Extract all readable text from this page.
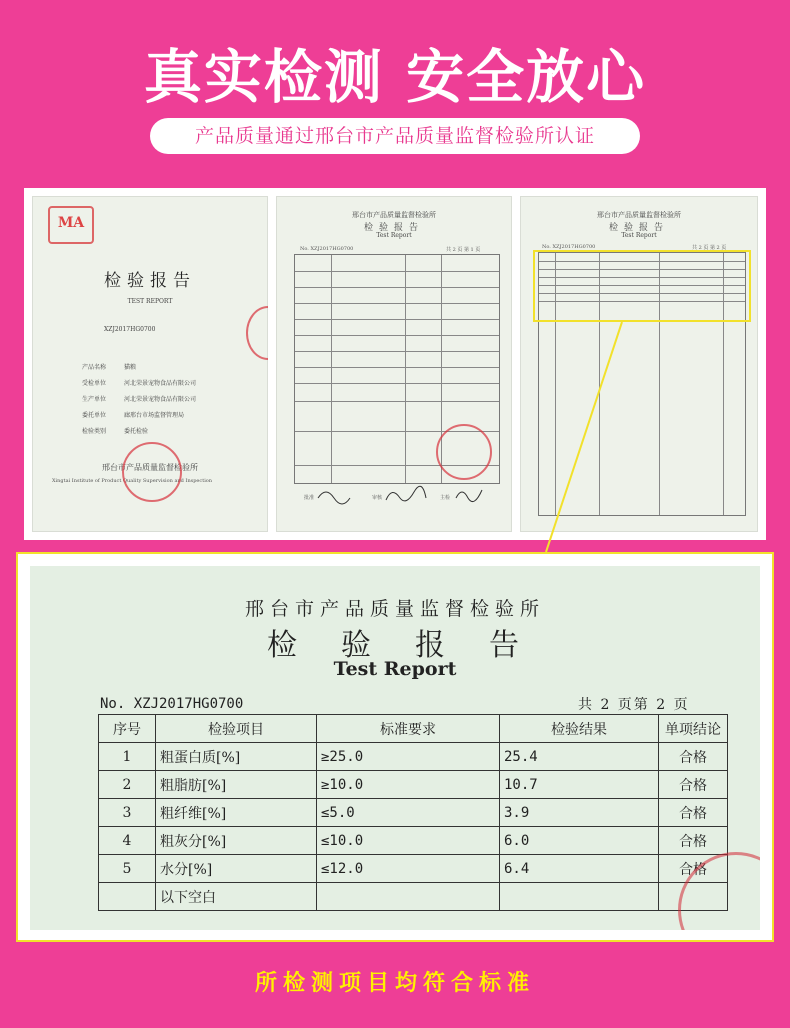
真实检测 安全放心
产品质量通过邢台市产品质量监督检验所认证
MA
检验报告
TEST REPORT
XZJ2017HG0700
产品名称	猫粮
受检单位	河北荣景宠物食品有限公司
生产单位	河北荣景宠物食品有限公司
委托单位	廊邢台市场监督管理局
检验类别	委托检验
邢台市产品质量监督检验所
Xingtai Institute of Product Quality Supervision and Inspection
邢台市产品质量监督检验所
检验报告
Test Report
No. XZJ2017HG0700	共 2 页 第 1 页
批准	审核	主检
邢台市产品质量监督检验所
检验报告
Test Report
No. XZJ2017HG0700	共 2 页 第 2 页
邢台市产品质量监督检验所
检验报告
Test Report
No. XZJ2017HG0700	共 2 页第 2 页
序号	检验项目	标准要求	检验结果	单项结论
1	粗蛋白质[%]	≥25.0	25.4	合格
2	粗脂肪[%]	≥10.0	10.7	合格
3	粗纤维[%]	≤5.0	3.9	合格
4	粗灰分[%]	≤10.0	6.0	合格
5	水分[%]	≤12.0	6.4	合格
	以下空白			
所检测项目均符合标准
